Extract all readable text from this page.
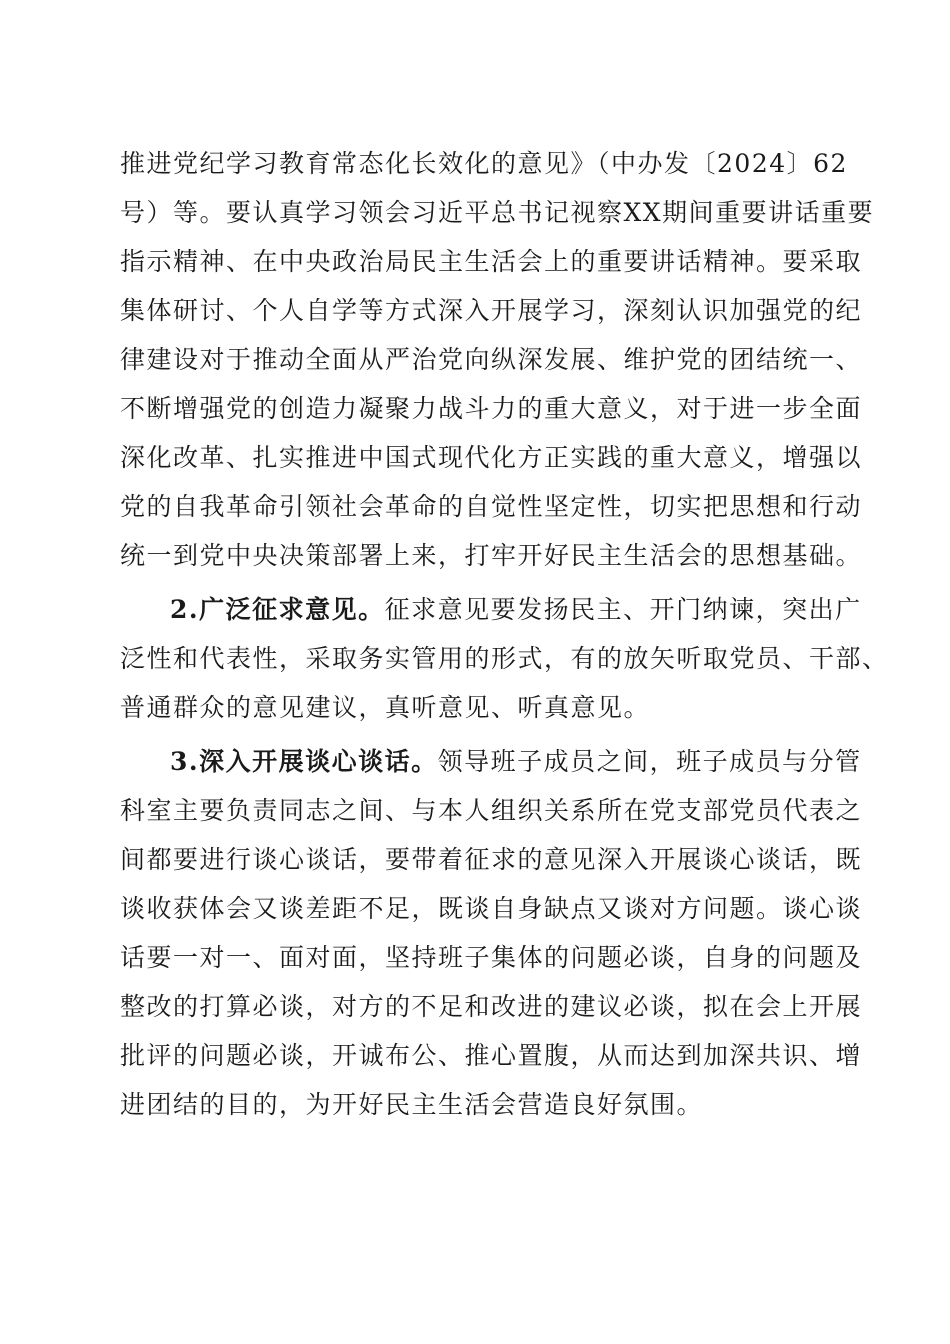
推进党纪学习教育常态化长效化的意见》（中办发〔2024〕62
号）等。要认真学习领会习近平总书记视察XX期间重要讲话重要
指示精神、在中央政治局民主生活会上的重要讲话精神。要采取
集体研讨、个人自学等方式深入开展学习，深刻认识加强党的纪
律建设对于推动全面从严治党向纵深发展、维护党的团结统一、
不断增强党的创造力凝聚力战斗力的重大意义，对于进一步全面
深化改革、扎实推进中国式现代化方正实践的重大意义，增强以
党的自我革命引领社会革命的自觉性坚定性，切实把思想和行动
统一到党中央决策部署上来，打牢开好民主生活会的思想基础。
2.广泛征求意见。征求意见要发扬民主、开门纳谏，突出广
泛性和代表性，采取务实管用的形式，有的放矢听取党员、干部、
普通群众的意见建议，真听意见、听真意见。
3.深入开展谈心谈话。领导班子成员之间，班子成员与分管
科室主要负责同志之间、与本人组织关系所在党支部党员代表之
间都要进行谈心谈话，要带着征求的意见深入开展谈心谈话，既
谈收获体会又谈差距不足，既谈自身缺点又谈对方问题。谈心谈
话要一对一、面对面，坚持班子集体的问题必谈，自身的问题及
整改的打算必谈，对方的不足和改进的建议必谈，拟在会上开展
批评的问题必谈，开诚布公、推心置腹，从而达到加深共识、增
进团结的目的，为开好民主生活会营造良好氛围。
